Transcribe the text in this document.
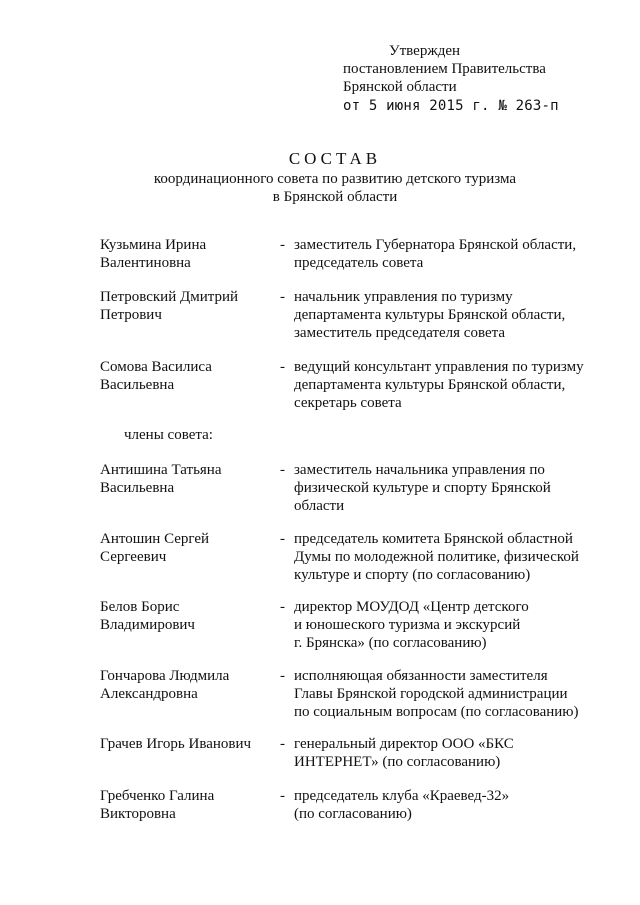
Утвержден
постановлением Правительства
Брянской области
от 5 июня 2015 г. № 263-п
СОСТАВ
координационного совета по развитию детского туризма
в Брянской области
Кузьмина Ирина
Валентиновна
- заместитель Губернатора Брянской области,
председатель совета
Петровский Дмитрий
Петрович
- начальник управления по туризму
департамента культуры Брянской области,
заместитель председателя совета
Сомова Василиса
Васильевна
- ведущий консультант управления по туризму
департамента культуры Брянской области,
секретарь совета
члены совета:
Антишина Татьяна
Васильевна
- заместитель начальника управления по
физической культуре и спорту Брянской
области
Антошин Сергей
Сергеевич
- председатель комитета Брянской областной
Думы по молодежной политике, физической
культуре и спорту (по согласованию)
Белов Борис
Владимирович
- директор МОУДОД «Центр детского
и юношеского туризма и экскурсий
г. Брянска» (по согласованию)
Гончарова Людмила
Александровна
- исполняющая обязанности заместителя
Главы Брянской городской администрации
по социальным вопросам (по согласованию)
Грачев Игорь Иванович	- генеральный директор ООО «БКС
ИНТЕРНЕТ» (по согласованию)
Гребченко Галина
Викторовна
- председатель клуба «Краевед-32»
(по согласованию)
